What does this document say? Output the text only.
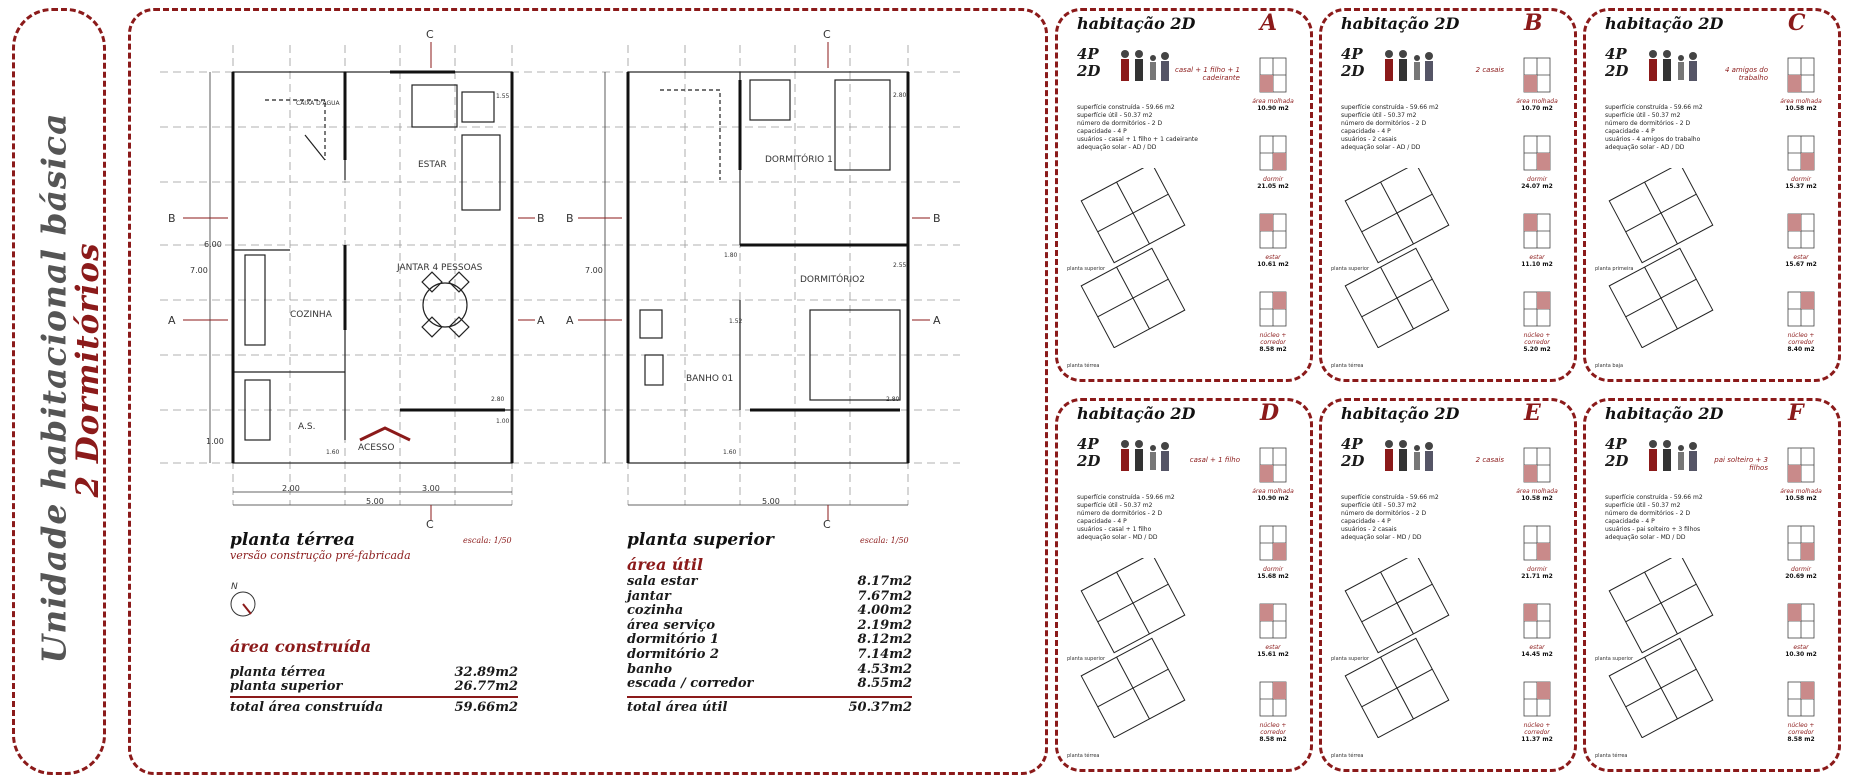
Unidade habitacional básica
2 Dormitórios
CAIXA D'ÁGUA
ESTAR
COZINHA
JANTAR 4 PESSOAS
A.S.
ACESSO
DORMITÓRIO 1
DORMITÓRIO2
BANHO 01
B	B B	B
A	A A	A
C	C
C	C
2.00	3.00
5.00	5.00
7.00	7.00
6.00
1.00
1.80
2.80	2.80
1.55
2.55
1.52
1.00
1.60	1.60
2.80
planta térrea	escala: 1/50
versão construção pré-fabricada
N
área construída
planta térrea	32.89m2
planta superior	26.77m2
total área construída	59.66m2
planta superior	escala: 1/50
área útil
sala estar	8.17m2
jantar	7.67m2
cozinha	4.00m2
área serviço	2.19m2
dormitório 1	8.12m2
dormitório 2	7.14m2
banho	4.53m2
escada / corredor	8.55m2
total área útil	50.37m2
habitação 2D	A
4P
2D	casal + 1 filho + 1 cadeirante
superfície construída - 59.66 m2
superfície útil - 50.37 m2
número de dormitórios - 2 D
capacidade - 4 P
usuários - casal + 1 filho + 1 cadeirante
adequação solar - AD / DD
planta superior
planta térrea
área molhada
10.90 m2
dormir
21.05 m2
estar
10.61 m2
núcleo + corredor
8.58 m2
habitação 2D	B
4P
2D	2 casais
superfície construída - 59.66 m2
superfície útil - 50.37 m2
número de dormitórios - 2 D
capacidade - 4 P
usuários - 2 casais
adequação solar - AD / DD
planta superior
planta térrea
área molhada
10.70 m2
dormir
24.07 m2
estar
11.10 m2
núcleo + corredor
5.20 m2
habitação 2D	C
4P
2D	4 amigos do trabalho
superfície construída - 59.66 m2
superfície útil - 50.37 m2
número de dormitórios - 2 D
capacidade - 4 P
usuários - 4 amigos do trabalho
adequação solar - AD / DD
planta primeira
planta baja
área molhada
10.58 m2
dormir
15.37 m2
estar
15.67 m2
núcleo + corredor
8.40 m2
habitação 2D	D
4P
2D	casal + 1 filho
superfície construída - 59.66 m2
superfície útil - 50.37 m2
número de dormitórios - 2 D
capacidade - 4 P
usuários - casal + 1 filho
adequação solar - MD / DD
planta superior
planta térrea
área molhada
10.90 m2
dormir
15.68 m2
estar
15.61 m2
núcleo + corredor
8.58 m2
habitação 2D	E
4P
2D	2 casais
superfície construída - 59.66 m2
superfície útil - 50.37 m2
número de dormitórios - 2 D
capacidade - 4 P
usuários - 2 casais
adequação solar - MD / DD
planta superior
planta térrea
área molhada
10.58 m2
dormir
21.71 m2
estar
14.45 m2
núcleo + corredor
11.37 m2
habitação 2D	F
4P
2D	pai solteiro + 3 filhos
superfície construída - 59.66 m2
superfície útil - 50.37 m2
número de dormitórios - 2 D
capacidade - 4 P
usuários - pai solteiro + 3 filhos
adequação solar - MD / DD
planta superior
planta térrea
área molhada
10.58 m2
dormir
20.69 m2
estar
10.30 m2
núcleo + corredor
8.58 m2
